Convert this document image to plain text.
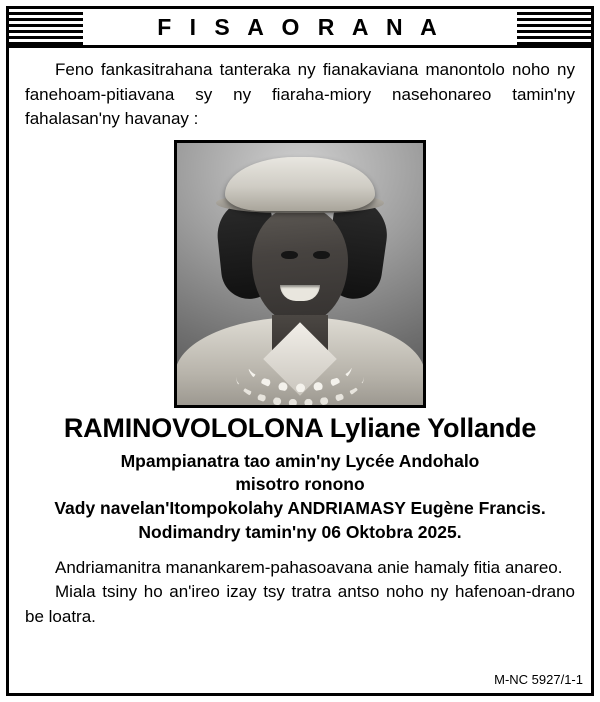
F I S A O R A N A

Feno fankasitrahana tanteraka ny fianakaviana manontolo noho ny fanehoam-pitiavana sy ny fiaraha-miory nasehonareo tamin'ny fahalasan'ny havanay :

RAMINOVOLOLONA Lyliane Yollande
Mpampianatra tao amin'ny Lycée Andohalo
misotro ronono
Vady navelan'Itompokolahy ANDRIAMASY Eugène Francis.
Nodimandry tamin'ny 06 Oktobra 2025.

Andriamanitra manankarem-pahasoavana anie hamaly fitia anareo.

Miala tsiny ho an'ireo izay tsy tratra antso noho ny hafenoan-drano be loatra.

M-NC 5927/1-1
